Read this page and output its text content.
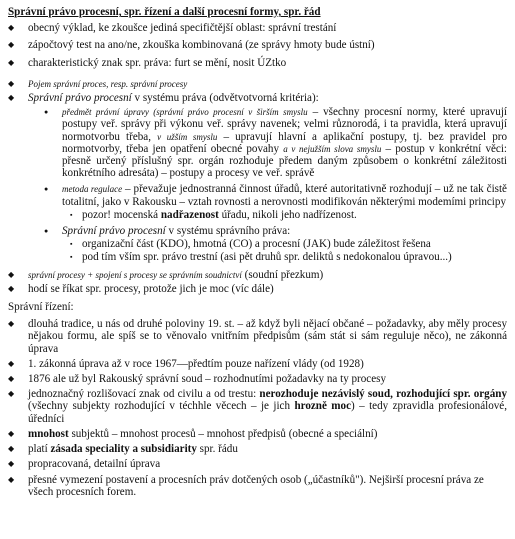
Správní právo procesní, spr. řízení a další procesní formy, spr. řád
◆ obecný výklad, ke zkoušce jediná specifičtější oblast: správní trestání
◆ zápočtový test na ano/ne, zkouška kombinovaná (ze správy hmoty bude ústní)
◆ charakteristický znak spr. práva: furt se mění, nosit ÚZtko
◆ Pojem správní proces, resp. správní procesy
◆ Správní právo procesní v systému práva (odvětvotvorná kritéria):
● předmět právní úpravy (správní právo procesní v širším smyslu – všechny procesní normy, které upravují postupy veř. správy při výkonu veř. správy navenek; velmi různorodá, i ta pravidla, která upravují normotvorbu třeba, v užším smyslu – upravují hlavní a aplikační postupy, tj. bez pravidel pro normotvorby, třeba jen opatření obecné povahy a v nejužším slova smyslu – postup v konkrétní věci: přesně určený příslušný spr. orgán rozhoduje předem daným způsobem o konkrétní záležitosti konkrétního adresáta) – postupy a procesy ve veř. správě
● metoda regulace – převažuje jednostranná činnost úřadů, které autoritativně rozhodují – už ne tak čistě totalitní, jako v Rakousku – vztah rovnosti a nerovnosti modifikován některými modemími principy
▪ pozor! mocenská nadřazenost úřadu, nikoli jeho nadřízenost.
● Správní právo procesní v systému správního práva:
▪ organizační část (KDO), hmotná (CO) a procesní (JAK) bude záležitost řešena
▪ pod tím vším spr. právo trestní (asi pět druhů spr. deliktů s nedokonalou úpravou...)
◆ správní procesy + spojení s procesy se správním soudnictví (soudní přezkum)
◆ hodí se říkat spr. procesy, protože jich je moc (víc dále)
Správní řízení:
◆ dlouhá tradice, u nás od druhé poloviny 19. st. – až když byli nějací občané – požadavky, aby měly procesy nějakou formu, ale spíš se to věnovalo vnitřním předpisům (sám stát si sám reguluje něco), ne zákonná úprava
◆ 1. zákonná úprava až v roce 1967—předtím pouze nařízení vlády (od 1928)
◆ 1876 ale už byl Rakouský správní soud – rozhodnutími požadavky na ty procesy
◆ jednoznačný rozlišovací znak od civilu a od trestu: nerozhoduje nezávislý soud, rozhodující spr. orgány (všechny subjekty rozhodující v téchhle věcech – je jich hrozně moc) – tedy zpravidla profesionálové, úředníci
◆ mnohost subjektů – mnohost procesů – mnohost předpisů (obecné a speciální)
◆ platí zásada speciality a subsidiarity spr. řádu
◆ propracovaná, detailní úprava
◆ přesné vymezení postavení a procesních práv dotčených osob („účastníků"). Nejširší procesní práva ze všech procesních forem.
